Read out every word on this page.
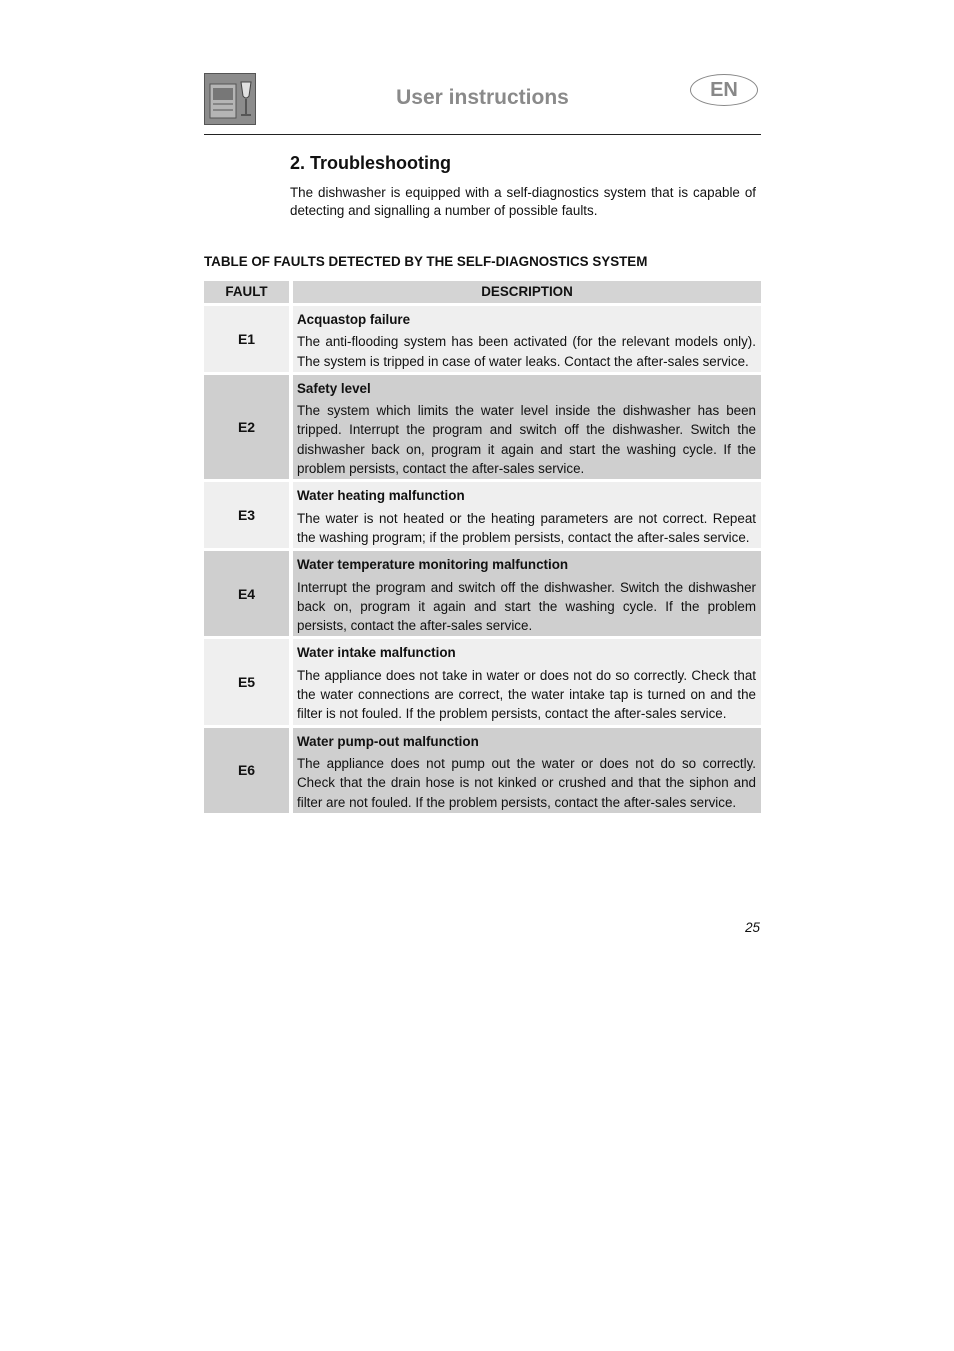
User instructions	EN
2. Troubleshooting

The dishwasher is equipped with a self-diagnostics system that is capable of detecting and signalling a number of possible faults.

TABLE OF FAULTS DETECTED BY THE SELF-DIAGNOSTICS SYSTEM
FAULT	DESCRIPTION
E1
Acquastop failure
The anti-flooding system has been activated (for the relevant models only). The system is tripped in case of water leaks. Contact the after-sales service.
E2
Safety level
The system which limits the water level inside the dishwasher has been tripped. Interrupt the program and switch off the dishwasher. Switch the dishwasher back on, program it again and start the washing cycle. If the problem persists, contact the after-sales service.
E3
Water heating malfunction
The water is not heated or the heating parameters are not correct. Repeat the washing program; if the problem persists, contact the after-sales service.
E4
Water temperature monitoring malfunction
Interrupt the program and switch off the dishwasher. Switch the dishwasher back on, program it again and start the washing cycle. If the problem persists, contact the after-sales service.
E5
Water intake malfunction
The appliance does not take in water or does not do so correctly. Check that the water connections are correct, the water intake tap is turned on and the filter is not fouled. If the problem persists, contact the after-sales service.
E6
Water pump-out malfunction
The appliance does not pump out the water or does not do so correctly. Check that the drain hose is not kinked or crushed and that the siphon and filter are not fouled. If the problem persists, contact the after-sales service.
25
